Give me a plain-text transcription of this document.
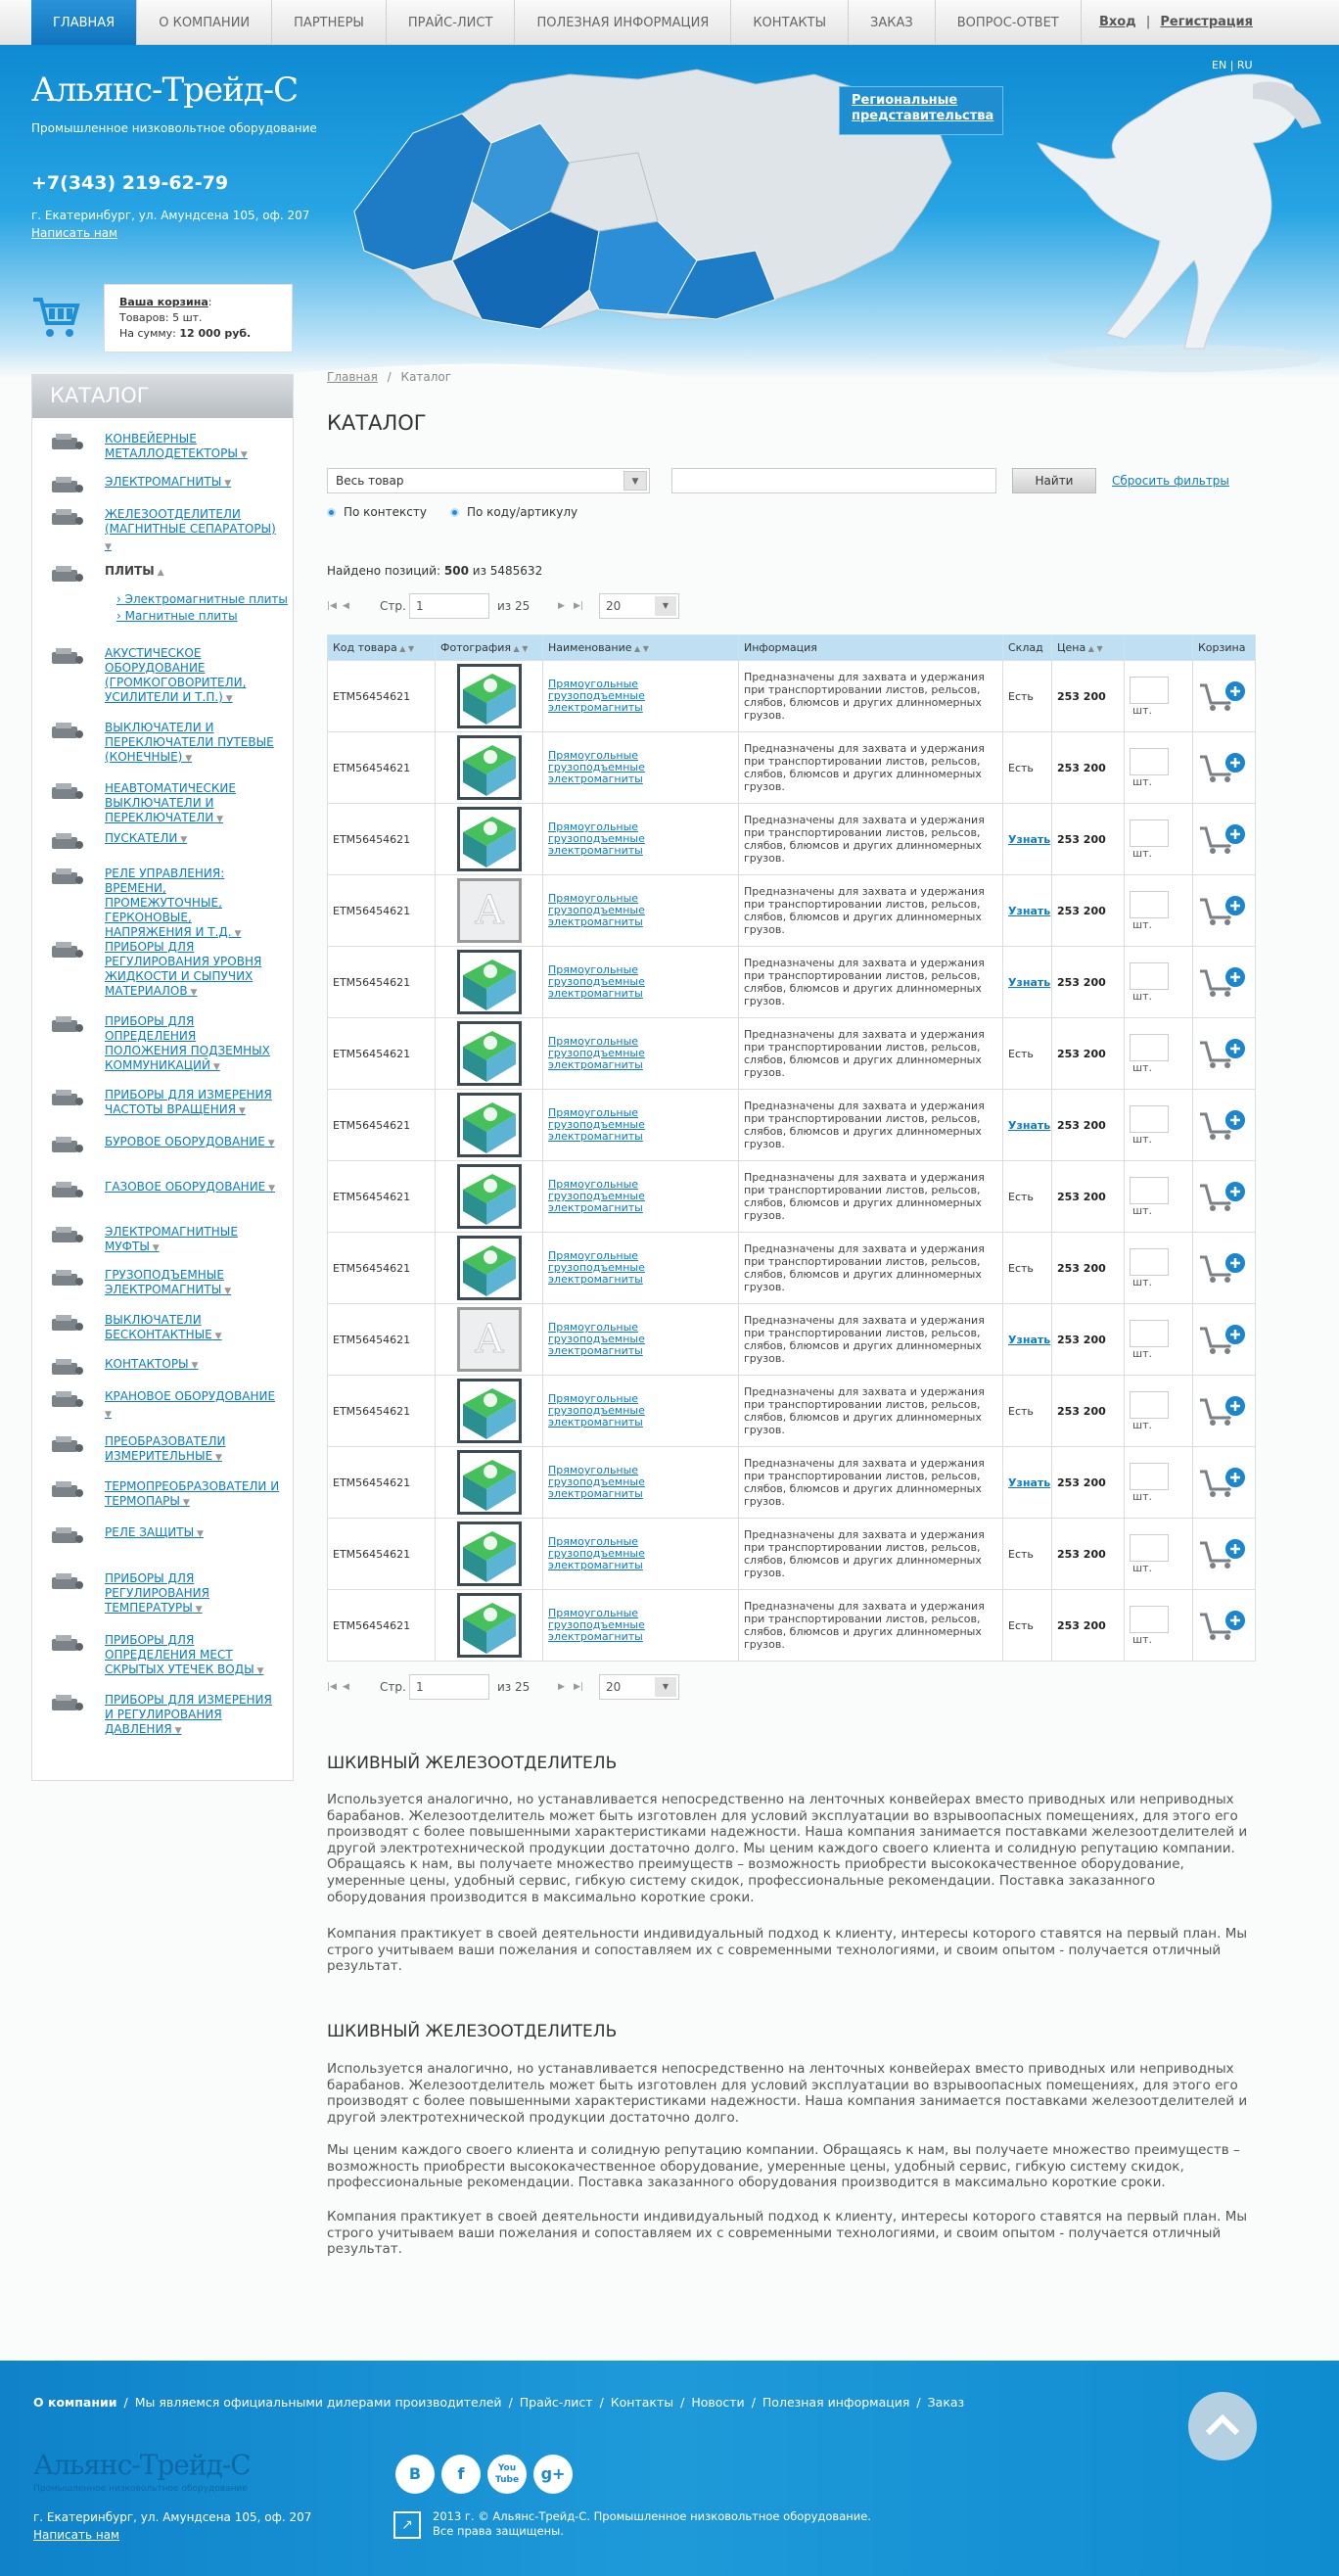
ГЛАВНАЯ	О КОМПАНИИ	ПАРТНЕРЫ	ПРАЙС-ЛИСТ	ПОЛЕЗНАЯ ИНФОРМАЦИЯ	КОНТАКТЫ	ЗАКАЗ	ВОПРОС-ОТВЕТ	Вход | Регистрация
Альянс-Трейд-С
Промышленное низковольтное оборудование
+7(343) 219-62-79
г. Екатеринбург, ул. Амундсена 105, оф. 207
Написать нам
Региональные представительства
EN | RU
Ваша корзина:
Товаров: 5 шт.
На сумму: 12 000 руб.
КАТАЛОГ
КОНВЕЙЕРНЫЕ МЕТАЛЛОДЕТЕКТОРЫ ▼
ЭЛЕКТРОМАГНИТЫ ▼
ЖЕЛЕЗООТДЕЛИТЕЛИ (МАГНИТНЫЕ СЕПАРАТОРЫ) ▼
ПЛИТЫ ▲
АКУСТИЧЕСКОЕ ОБОРУДОВАНИЕ (ГРОМКОГОВОРИТЕЛИ, УСИЛИТЕЛИ И Т.П.) ▼
ВЫКЛЮЧАТЕЛИ И ПЕРЕКЛЮЧАТЕЛИ ПУТЕВЫЕ (КОНЕЧНЫЕ) ▼
НЕАВТОМАТИЧЕСКИЕ ВЫКЛЮЧАТЕЛИ И ПЕРЕКЛЮЧАТЕЛИ ▼
ПУСКАТЕЛИ ▼
РЕЛЕ УПРАВЛЕНИЯ: ВРЕМЕНИ, ПРОМЕЖУТОЧНЫЕ, ГЕРКОНОВЫЕ, НАПРЯЖЕНИЯ И Т.Д. ▼
ПРИБОРЫ ДЛЯ РЕГУЛИРОВАНИЯ УРОВНЯ ЖИДКОСТИ И СЫПУЧИХ МАТЕРИАЛОВ ▼
ПРИБОРЫ ДЛЯ ОПРЕДЕЛЕНИЯ ПОЛОЖЕНИЯ ПОДЗЕМНЫХ КОММУНИКАЦИЙ ▼
ПРИБОРЫ ДЛЯ ИЗМЕРЕНИЯ ЧАСТОТЫ ВРАЩЕНИЯ ▼
БУРОВОЕ ОБОРУДОВАНИЕ ▼
ГАЗОВОЕ ОБОРУДОВАНИЕ ▼
ЭЛЕКТРОМАГНИТНЫЕ МУФТЫ ▼
ГРУЗОПОДЪЕМНЫЕ ЭЛЕКТРОМАГНИТЫ ▼
ВЫКЛЮЧАТЕЛИ БЕСКОНТАКТНЫЕ ▼
КОНТАКТОРЫ ▼
КРАНОВОЕ ОБОРУДОВАНИЕ ▼
ПРЕОБРАЗОВАТЕЛИ ИЗМЕРИТЕЛЬНЫЕ ▼
ТЕРМОПРЕОБРАЗОВАТЕЛИ И ТЕРМОПАРЫ ▼
РЕЛЕ ЗАЩИТЫ ▼
ПРИБОРЫ ДЛЯ РЕГУЛИРОВАНИЯ ТЕМПЕРАТУРЫ ▼
ПРИБОРЫ ДЛЯ ОПРЕДЕЛЕНИЯ МЕСТ СКРЫТЫХ УТЕЧЕК ВОДЫ ▼
ПРИБОРЫ ДЛЯ ИЗМЕРЕНИЯ И РЕГУЛИРОВАНИЯ ДАВЛЕНИЯ ▼
› Электромагнитные плиты
› Магнитные плиты
Главная / Каталог
КАТАЛОГ
Весь товар	▼	Найти	Сбросить фильтры
По контексту	По коду/артикулу
Найдено позиций: 500 из 5485632
|◀ ◀	Стр. 1	из 25	▶ ▶|	20	▼
Код товара ▲ ▼	Фотография ▲ ▼	Наименование ▲ ▼	Информация	Склад	Цена ▲ ▼		Корзина
ETM56454621		Прямоугольные грузоподъемные электромагниты	Предназначены для захвата и удержания при транспортировании листов, рельсов, слябов, блюмсов и других длинномерных грузов.	Есть	253 200	шт.	
ETM56454621		Прямоугольные грузоподъемные электромагниты	Предназначены для захвата и удержания при транспортировании листов, рельсов, слябов, блюмсов и других длинномерных грузов.	Есть	253 200	шт.	
ETM56454621		Прямоугольные грузоподъемные электромагниты	Предназначены для захвата и удержания при транспортировании листов, рельсов, слябов, блюмсов и других длинномерных грузов.	Узнать	253 200	шт.	
ETM56454621	A	Прямоугольные грузоподъемные электромагниты	Предназначены для захвата и удержания при транспортировании листов, рельсов, слябов, блюмсов и других длинномерных грузов.	Узнать	253 200	шт.	
ETM56454621		Прямоугольные грузоподъемные электромагниты	Предназначены для захвата и удержания при транспортировании листов, рельсов, слябов, блюмсов и других длинномерных грузов.	Узнать	253 200	шт.	
ETM56454621		Прямоугольные грузоподъемные электромагниты	Предназначены для захвата и удержания при транспортировании листов, рельсов, слябов, блюмсов и других длинномерных грузов.	Есть	253 200	шт.	
ETM56454621		Прямоугольные грузоподъемные электромагниты	Предназначены для захвата и удержания при транспортировании листов, рельсов, слябов, блюмсов и других длинномерных грузов.	Узнать	253 200	шт.	
ETM56454621		Прямоугольные грузоподъемные электромагниты	Предназначены для захвата и удержания при транспортировании листов, рельсов, слябов, блюмсов и других длинномерных грузов.	Есть	253 200	шт.	
ETM56454621		Прямоугольные грузоподъемные электромагниты	Предназначены для захвата и удержания при транспортировании листов, рельсов, слябов, блюмсов и других длинномерных грузов.	Есть	253 200	шт.	
ETM56454621	A	Прямоугольные грузоподъемные электромагниты	Предназначены для захвата и удержания при транспортировании листов, рельсов, слябов, блюмсов и других длинномерных грузов.	Узнать	253 200	шт.	
ETM56454621		Прямоугольные грузоподъемные электромагниты	Предназначены для захвата и удержания при транспортировании листов, рельсов, слябов, блюмсов и других длинномерных грузов.	Есть	253 200	шт.	
ETM56454621		Прямоугольные грузоподъемные электромагниты	Предназначены для захвата и удержания при транспортировании листов, рельсов, слябов, блюмсов и других длинномерных грузов.	Узнать	253 200	шт.	
ETM56454621		Прямоугольные грузоподъемные электромагниты	Предназначены для захвата и удержания при транспортировании листов, рельсов, слябов, блюмсов и других длинномерных грузов.	Есть	253 200	шт.	
ETM56454621		Прямоугольные грузоподъемные электромагниты	Предназначены для захвата и удержания при транспортировании листов, рельсов, слябов, блюмсов и других длинномерных грузов.	Есть	253 200	шт.	
|◀ ◀	Стр. 1	из 25	▶ ▶|	20	▼
ШКИВНЫЙ ЖЕЛЕЗООТДЕЛИТЕЛЬ
Используется аналогично, но устанавливается непосредственно на ленточных конвейерах вместо приводных или неприводных барабанов. Железоотделитель может быть изготовлен для условий эксплуатации во взрывоопасных помещениях, для этого его производят с более повышенными характеристиками надежности. Наша компания занимается поставками железоотделителей и другой электротехнической продукции достаточно долго. Мы ценим каждого своего клиента и солидную репутацию компании. Обращаясь к нам, вы получаете множество преимуществ – возможность приобрести высококачественное оборудование, умеренные цены, удобный сервис, гибкую систему скидок, профессиональные рекомендации. Поставка заказанного оборудования производится в максимально короткие сроки.
Компания практикует в своей деятельности индивидуальный подход к клиенту, интересы которого ставятся на первый план. Мы строго учитываем ваши пожелания и сопоставляем их с современными технологиями, и своим опытом - получается отличный результат.
ШКИВНЫЙ ЖЕЛЕЗООТДЕЛИТЕЛЬ
Используется аналогично, но устанавливается непосредственно на ленточных конвейерах вместо приводных или неприводных барабанов. Железоотделитель может быть изготовлен для условий эксплуатации во взрывоопасных помещениях, для этого его производят с более повышенными характеристиками надежности. Наша компания занимается поставками железоотделителей и другой электротехнической продукции достаточно долго.
Мы ценим каждого своего клиента и солидную репутацию компании. Обращаясь к нам, вы получаете множество преимуществ – возможность приобрести высококачественное оборудование, умеренные цены, удобный сервис, гибкую систему скидок, профессиональные рекомендации. Поставка заказанного оборудования производится в максимально короткие сроки.
Компания практикует в своей деятельности индивидуальный подход к клиенту, интересы которого ставятся на первый план. Мы строго учитываем ваши пожелания и сопоставляем их с современными технологиями, и своим опытом - получается отличный результат.
О компании / Мы являемся официальными дилерами производителей / Прайс-лист / Контакты / Новости / Полезная информация / Заказ
Альянс-Трейд-С
Промышленное низковольтное оборудование
г. Екатеринбург, ул. Амундсена 105, оф. 207
Написать нам
В	f	You Tube	g+
↗
2013 г. © Альянс-Трейд-С. Промышленное низковольтное оборудование.
Все права защищены.
